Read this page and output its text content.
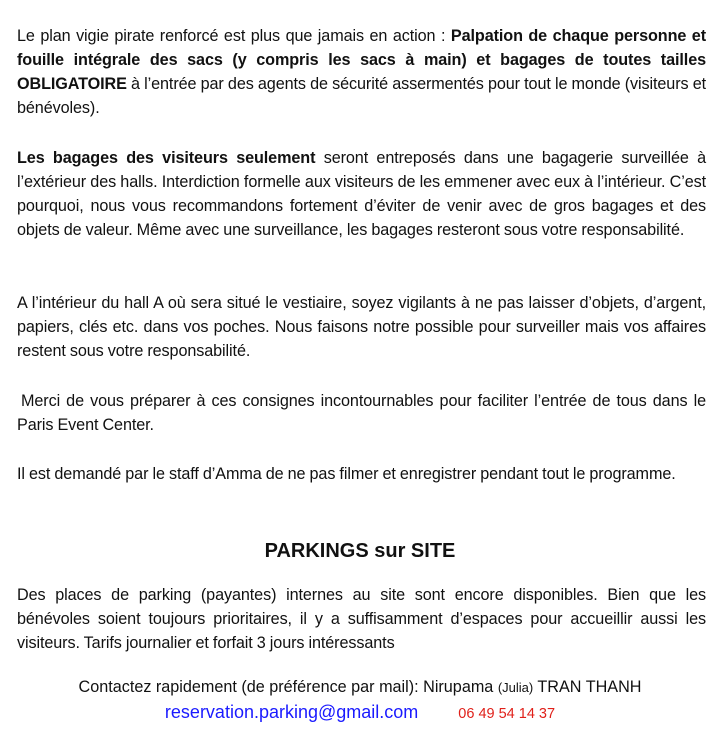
Le plan vigie pirate renforcé est plus que jamais en action : Palpation de chaque personne et fouille intégrale des sacs (y compris les sacs à main) et bagages de toutes tailles OBLIGATOIRE à l’entrée par des agents de sécurité assermentés pour tout le monde (visiteurs et bénévoles).

Les bagages des visiteurs seulement seront entreposés dans une bagagerie surveillée à l’extérieur des halls. Interdiction formelle aux visiteurs de les emmener avec eux à l’intérieur. C’est pourquoi, nous vous recommandons fortement d’éviter de venir avec de gros bagages et des objets de valeur. Même avec une surveillance, les bagages resteront sous votre responsabilité.

A l’intérieur du hall A où sera situé le vestiaire, soyez vigilants à ne pas laisser d’objets, d’argent, papiers, clés etc. dans vos poches. Nous faisons notre possible pour surveiller mais vos affaires restent sous votre responsabilité.

Merci de vous préparer à ces consignes incontournables pour faciliter l’entrée de tous dans le Paris Event Center.

Il est demandé par le staff d’Amma de ne pas filmer et enregistrer pendant tout le programme.

PARKINGS sur SITE

Des places de parking (payantes) internes au site sont encore disponibles. Bien que les bénévoles soient toujours prioritaires, il y a suffisamment d’espaces pour accueillir aussi les visiteurs. Tarifs journalier et forfait 3 jours intéressants

Contactez rapidement (de préférence par mail): Nirupama (Julia) TRAN THANH
reservation.parking@gmail.com	06 49 54 14 37
